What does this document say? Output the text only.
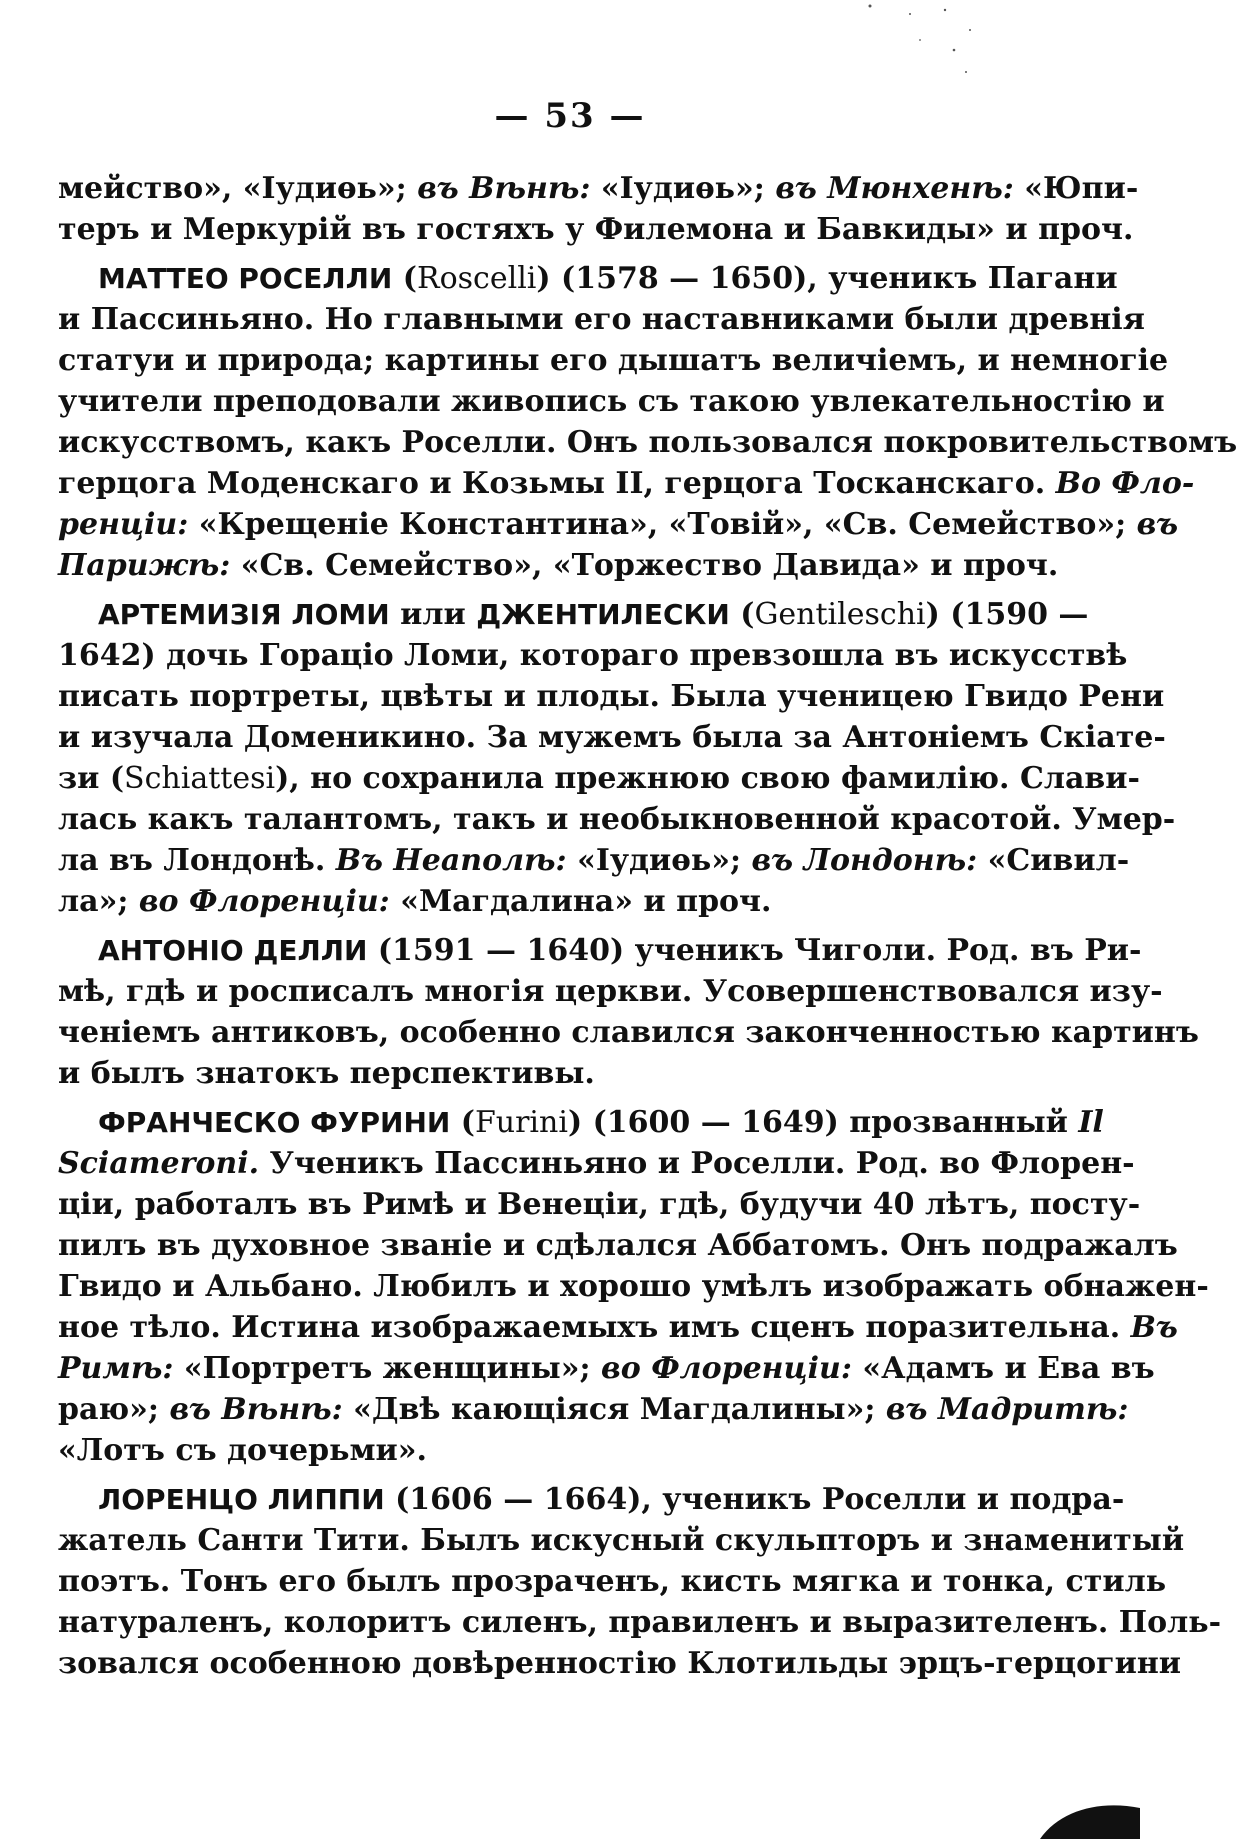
— 53 —
мейство», «Іудиѳь»; въ Вѣнѣ: «Іудиѳь»; въ Мюнхенѣ: «Юпи-
теръ и Меркурій въ гостяхъ у Филемона и Бавкиды» и проч.
МАТТЕО РОСЕЛЛИ (Roscelli) (1578 — 1650), ученикъ Пагани
и Пассиньяно. Но главными его наставниками были древнія
статуи и природа; картины его дышатъ величіемъ, и немногіе
учители преподовали живопись съ такою увлекательностію и
искусствомъ, какъ Роселли. Онъ пользовался покровительствомъ
герцога Моденскаго и Козьмы II, герцога Тосканскаго. Во Фло-
ренціи: «Крещеніе Константина», «Товій», «Св. Семейство»; въ
Парижѣ: «Св. Семейство», «Торжество Давида» и проч.
АРТЕМИЗІЯ ЛОМИ или ДЖЕНТИЛЕСКИ (Gentileschi) (1590 —
1642) дочь Горацiо Ломи, котораго превзошла въ искусствѣ
писать портреты, цвѣты и плоды. Была ученицею Гвидо Рени
и изучала Доменикино. За мужемъ была за Антоніемъ Скiате-
зи (Schiattesi), но сохранила прежнюю свою фамилію. Слави-
лась какъ талантомъ, такъ и необыкновенной красотой. Умер-
ла въ Лондонѣ. Въ Неаполѣ: «Іудиѳь»; въ Лондонѣ: «Сивил-
ла»; во Флоренціи: «Магдалина» и проч.
АНТОНІО ДЕЛЛИ (1591 — 1640) ученикъ Чиголи. Род. въ Ри-
мѣ, гдѣ и росписалъ многія церкви. Усовершенствовался изу-
ченіемъ антиковъ, особенно славился законченностью картинъ
и былъ знатокъ перспективы.
ФРАНЧЕСКО ФУРИНИ (Furini) (1600 — 1649) прозванный Il
Sciameroni. Ученикъ Пассиньяно и Роселли. Род. во Флорен-
ціи, работалъ въ Римѣ и Венеціи, гдѣ, будучи 40 лѣтъ, посту-
пилъ въ духовное званіе и сдѣлался Аббатомъ. Онъ подражалъ
Гвидо и Альбано. Любилъ и хорошо умѣлъ изображать обнажен-
ное тѣло. Истина изображаемыхъ имъ сценъ поразительна. Въ
Римѣ: «Портретъ женщины»; во Флоренціи: «Адамъ и Ева въ
раю»; въ Вѣнѣ: «Двѣ кающіяся Магдалины»; въ Мадритѣ:
«Лотъ съ дочерьми».
ЛОРЕНЦО ЛИППИ (1606 — 1664), ученикъ Роселли и подра-
жатель Санти Тити. Былъ искусный скульпторъ и знаменитый
поэтъ. Тонъ его былъ прозраченъ, кисть мягка и тонка, стиль
натураленъ, колоритъ силенъ, правиленъ и выразителенъ. Поль-
зовался особенною довѣренностію Клотильды эрцъ-герцогини
